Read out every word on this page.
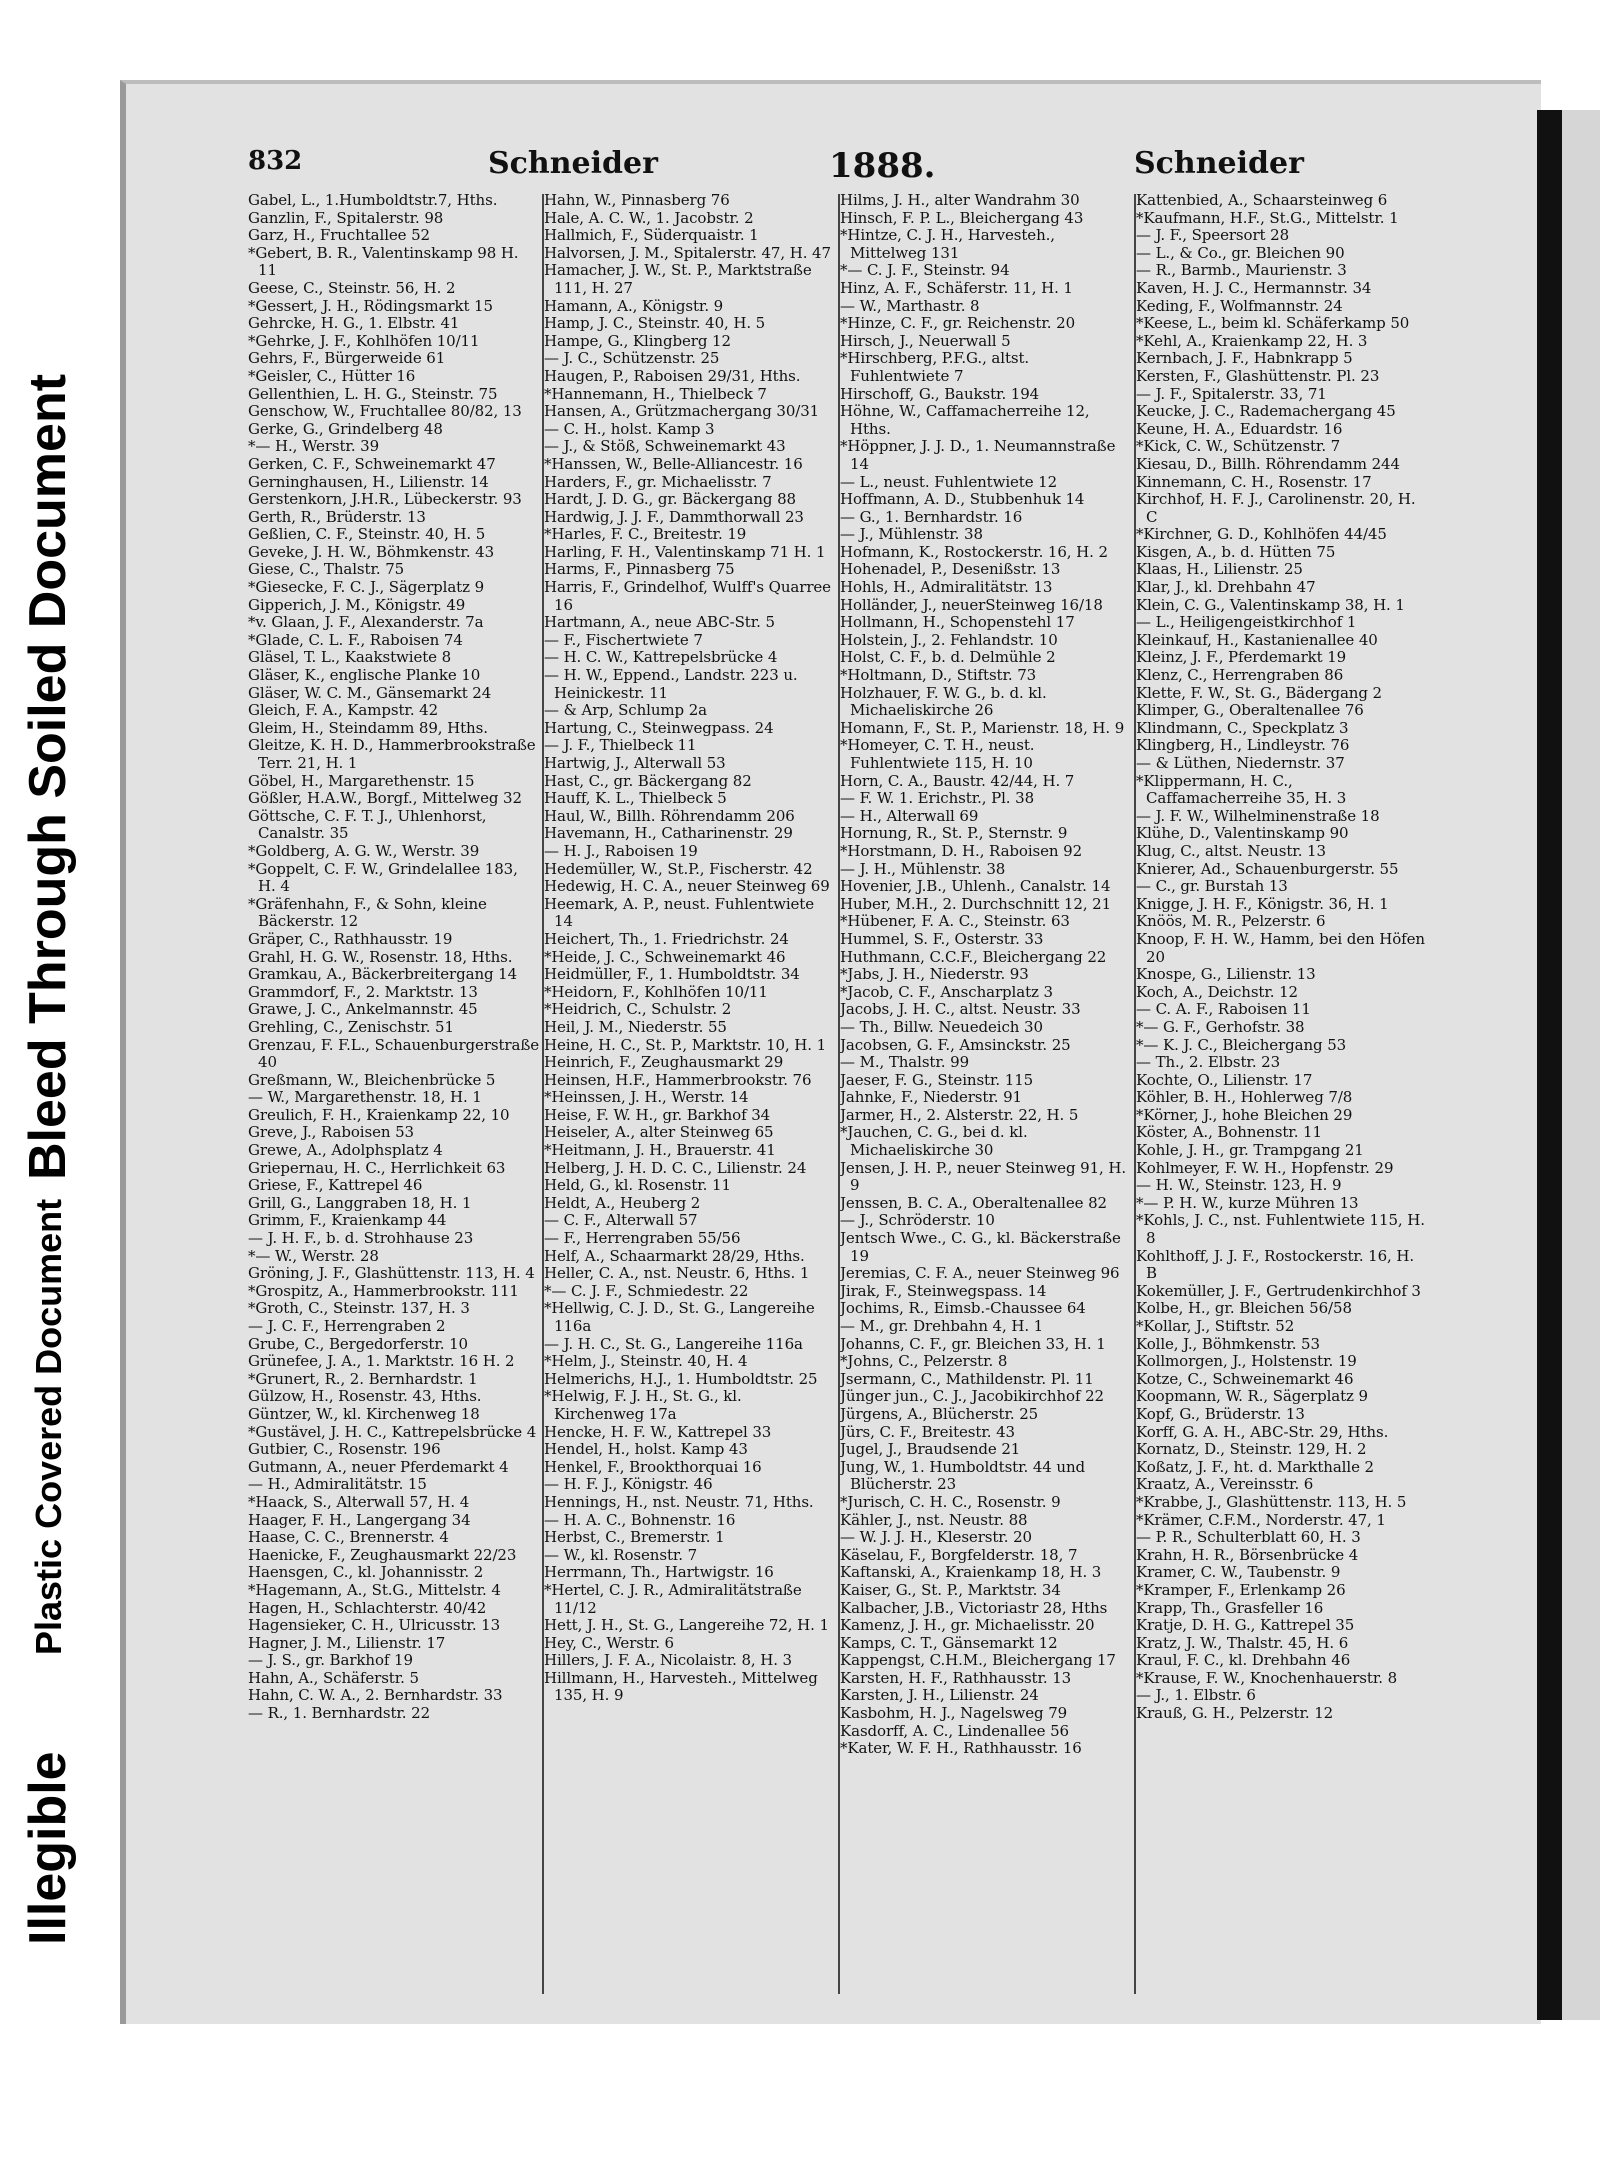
Illegible
Plastic Covered Document
Bleed Through Soiled Document
832	Schneider	1888.	Schneider

Gabel, L., 1.Humboldtstr.7, Hths.

Ganzlin, F., Spitalerstr. 98

Garz, H., Fruchtallee 52

*Gebert, B. R., Valentinskamp 98 H. 11

Geese, C., Steinstr. 56, H. 2

*Gessert, J. H., Rödingsmarkt 15

Gehrcke, H. G., 1. Elbstr. 41

*Gehrke, J. F., Kohlhöfen 10/11

Gehrs, F., Bürgerweide 61

*Geisler, C., Hütter 16

Gellenthien, L. H. G., Steinstr. 75

Genschow, W., Fruchtallee 80/82, 13

Gerke, G., Grindelberg 48

*— H., Werstr. 39

Gerken, C. F., Schweinemarkt 47

Gerninghausen, H., Lilienstr. 14

Gerstenkorn, J.H.R., Lübeckerstr. 93

Gerth, R., Brüderstr. 13

Geßlien, C. F., Steinstr. 40, H. 5

Geveke, J. H. W., Böhmkenstr. 43

Giese, C., Thalstr. 75

*Giesecke, F. C. J., Sägerplatz 9

Gipperich, J. M., Königstr. 49

*v. Glaan, J. F., Alexanderstr. 7a

*Glade, C. L. F., Raboisen 74

Gläsel, T. L., Kaakstwiete 8

Gläser, K., englische Planke 10

Gläser, W. C. M., Gänsemarkt 24

Gleich, F. A., Kampstr. 42

Gleim, H., Steindamm 89, Hths.

Gleitze, K. H. D., Hammerbrookstraße Terr. 21, H. 1

Göbel, H., Margarethenstr. 15

Gößler, H.A.W., Borgf., Mittelweg 32

Göttsche, C. F. T. J., Uhlenhorst, Canalstr. 35

*Goldberg, A. G. W., Werstr. 39

*Goppelt, C. F. W., Grindelallee 183, H. 4

*Gräfenhahn, F., & Sohn, kleine Bäckerstr. 12

Gräper, C., Rathhausstr. 19

Grahl, H. G. W., Rosenstr. 18, Hths.

Gramkau, A., Bäckerbreitergang 14

Grammdorf, F., 2. Marktstr. 13

Grawe, J. C., Ankelmannstr. 45

Grehling, C., Zenischstr. 51

Grenzau, F. F.L., Schauenburgerstraße 40

Greßmann, W., Bleichenbrücke 5

— W., Margarethenstr. 18, H. 1

Greulich, F. H., Kraienkamp 22, 10

Greve, J., Raboisen 53

Grewe, A., Adolphsplatz 4

Griepernau, H. C., Herrlichkeit 63

Griese, F., Kattrepel 46

Grill, G., Langgraben 18, H. 1

Grimm, F., Kraienkamp 44

— J. H. F., b. d. Strohhause 23

*— W., Werstr. 28

Gröning, J. F., Glashüttenstr. 113, H. 4

*Grospitz, A., Hammerbrookstr. 111

*Groth, C., Steinstr. 137, H. 3

— J. C. F., Herrengraben 2

Grube, C., Bergedorferstr. 10

Grünefee, J. A., 1. Marktstr. 16 H. 2

*Grunert, R., 2. Bernhardstr. 1

Gülzow, H., Rosenstr. 43, Hths.

Güntzer, W., kl. Kirchenweg 18

*Gustävel, J. H. C., Kattrepelsbrücke 4

Gutbier, C., Rosenstr. 196

Gutmann, A., neuer Pferdemarkt 4

— H., Admiralitätstr. 15

*Haack, S., Alterwall 57, H. 4

Haager, F. H., Langergang 34

Haase, C. C., Brennerstr. 4

Haenicke, F., Zeughausmarkt 22/23

Haensgen, C., kl. Johannisstr. 2

*Hagemann, A., St.G., Mittelstr. 4

Hagen, H., Schlachterstr. 40/42

Hagensieker, C. H., Ulricusstr. 13

Hagner, J. M., Lilienstr. 17

— J. S., gr. Barkhof 19

Hahn, A., Schäferstr. 5

Hahn, C. W. A., 2. Bernhardstr. 33

— R., 1. Bernhardstr. 22

Hahn, W., Pinnasberg 76

Hale, A. C. W., 1. Jacobstr. 2

Hallmich, F., Süderquaistr. 1

Halvorsen, J. M., Spitalerstr. 47, H. 47

Hamacher, J. W., St. P., Marktstraße 111, H. 27

Hamann, A., Königstr. 9

Hamp, J. C., Steinstr. 40, H. 5

Hampe, G., Klingberg 12

— J. C., Schützenstr. 25

Haugen, P., Raboisen 29/31, Hths.

*Hannemann, H., Thielbeck 7

Hansen, A., Grützmachergang 30/31

— C. H., holst. Kamp 3

— J., & Stöß, Schweinemarkt 43

*Hanssen, W., Belle-Alliancestr. 16

Harders, F., gr. Michaelisstr. 7

Hardt, J. D. G., gr. Bäckergang 88

Hardwig, J. J. F., Dammthorwall 23

*Harles, F. C., Breitestr. 19

Harling, F. H., Valentinskamp 71 H. 1

Harms, F., Pinnasberg 75

Harris, F., Grindelhof, Wulff's Quarree 16

Hartmann, A., neue ABC-Str. 5

— F., Fischertwiete 7

— H. C. W., Kattrepelsbrücke 4

— H. W., Eppend., Landstr. 223 u. Heinickestr. 11

— & Arp, Schlump 2a

Hartung, C., Steinwegpass. 24

— J. F., Thielbeck 11

Hartwig, J., Alterwall 53

Hast, C., gr. Bäckergang 82

Hauff, K. L., Thielbeck 5

Haul, W., Billh. Röhrendamm 206

Havemann, H., Catharinenstr. 29

— H. J., Raboisen 19

Hedemüller, W., St.P., Fischerstr. 42

Hedewig, H. C. A., neuer Steinweg 69

Heemark, A. P., neust. Fuhlentwiete 14

Heichert, Th., 1. Friedrichstr. 24

*Heide, J. C., Schweinemarkt 46

Heidmüller, F., 1. Humboldtstr. 34

*Heidorn, F., Kohlhöfen 10/11

*Heidrich, C., Schulstr. 2

Heil, J. M., Niederstr. 55

Heine, H. C., St. P., Marktstr. 10, H. 1

Heinrich, F., Zeughausmarkt 29

Heinsen, H.F., Hammerbrookstr. 76

*Heinssen, J. H., Werstr. 14

Heise, F. W. H., gr. Barkhof 34

Heiseler, A., alter Steinweg 65

*Heitmann, J. H., Brauerstr. 41

Helberg, J. H. D. C. C., Lilienstr. 24

Held, G., kl. Rosenstr. 11

Heldt, A., Heuberg 2

— C. F., Alterwall 57

— F., Herrengraben 55/56

Helf, A., Schaarmarkt 28/29, Hths.

Heller, C. A., nst. Neustr. 6, Hths. 1

*— C. J. F., Schmiedestr. 22

*Hellwig, C. J. D., St. G., Langereihe 116a

— J. H. C., St. G., Langereihe 116a

*Helm, J., Steinstr. 40, H. 4

Helmerichs, H.J., 1. Humboldtstr. 25

*Helwig, F. J. H., St. G., kl. Kirchenweg 17a

Hencke, H. F. W., Kattrepel 33

Hendel, H., holst. Kamp 43

Henkel, F., Brookthorquai 16

— H. F. J., Königstr. 46

Hennings, H., nst. Neustr. 71, Hths.

— H. A. C., Bohnenstr. 16

Herbst, C., Bremerstr. 1

— W., kl. Rosenstr. 7

Herrmann, Th., Hartwigstr. 16

*Hertel, C. J. R., Admiralitätstraße 11/12

Hett, J. H., St. G., Langereihe 72, H. 1

Hey, C., Werstr. 6

Hillers, J. F. A., Nicolaistr. 8, H. 3

Hillmann, H., Harvesteh., Mittelweg 135, H. 9

Hilms, J. H., alter Wandrahm 30

Hinsch, F. P. L., Bleichergang 43

*Hintze, C. J. H., Harvesteh., Mittelweg 131

*— C. J. F., Steinstr. 94

Hinz, A. F., Schäferstr. 11, H. 1

— W., Marthastr. 8

*Hinze, C. F., gr. Reichenstr. 20

Hirsch, J., Neuerwall 5

*Hirschberg, P.F.G., altst. Fuhlentwiete 7

Hirschoff, G., Baukstr. 194

Höhne, W., Caffamacherreihe 12, Hths.

*Höppner, J. J. D., 1. Neumannstraße 14

— L., neust. Fuhlentwiete 12

Hoffmann, A. D., Stubbenhuk 14

— G., 1. Bernhardstr. 16

— J., Mühlenstr. 38

Hofmann, K., Rostockerstr. 16, H. 2

Hohenadel, P., Desenißstr. 13

Hohls, H., Admiralitätstr. 13

Holländer, J., neuerSteinweg 16/18

Hollmann, H., Schopenstehl 17

Holstein, J., 2. Fehlandstr. 10

Holst, C. F., b. d. Delmühle 2

*Holtmann, D., Stiftstr. 73

Holzhauer, F. W. G., b. d. kl. Michaeliskirche 26

Homann, F., St. P., Marienstr. 18, H. 9

*Homeyer, C. T. H., neust. Fuhlentwiete 115, H. 10

Horn, C. A., Baustr. 42/44, H. 7

— F. W. 1. Erichstr., Pl. 38

— H., Alterwall 69

Hornung, R., St. P., Sternstr. 9

*Horstmann, D. H., Raboisen 92

— J. H., Mühlenstr. 38

Hovenier, J.B., Uhlenh., Canalstr. 14

Huber, M.H., 2. Durchschnitt 12, 21

*Hübener, F. A. C., Steinstr. 63

Hummel, S. F., Osterstr. 33

Huthmann, C.C.F., Bleichergang 22

*Jabs, J. H., Niederstr. 93

*Jacob, C. F., Anscharplatz 3

Jacobs, J. H. C., altst. Neustr. 33

— Th., Billw. Neuedeich 30

Jacobsen, G. F., Amsinckstr. 25

— M., Thalstr. 99

Jaeser, F. G., Steinstr. 115

Jahnke, F., Niederstr. 91

Jarmer, H., 2. Alsterstr. 22, H. 5

*Jauchen, C. G., bei d. kl. Michaeliskirche 30

Jensen, J. H. P., neuer Steinweg 91, H. 9

Jenssen, B. C. A., Oberaltenallee 82

— J., Schröderstr. 10

Jentsch Wwe., C. G., kl. Bäckerstraße 19

Jeremias, C. F. A., neuer Steinweg 96

Jirak, F., Steinwegspass. 14

Jochims, R., Eimsb.-Chaussee 64

— M., gr. Drehbahn 4, H. 1

Johanns, C. F., gr. Bleichen 33, H. 1

*Johns, C., Pelzerstr. 8

Jsermann, C., Mathildenstr. Pl. 11

Jünger jun., C. J., Jacobikirchhof 22

Jürgens, A., Blücherstr. 25

Jürs, C. F., Breitestr. 43

Jugel, J., Braudsende 21

Jung, W., 1. Humboldtstr. 44 und Blücherstr. 23

*Jurisch, C. H. C., Rosenstr. 9

Kähler, J., nst. Neustr. 88

— W. J. J. H., Kleserstr. 20

Käselau, F., Borgfelderstr. 18, 7

Kaftanski, A., Kraienkamp 18, H. 3

Kaiser, G., St. P., Marktstr. 34

Kalbacher, J.B., Victoriastr 28, Hths

Kamenz, J. H., gr. Michaelisstr. 20

Kamps, C. T., Gänsemarkt 12

Kappengst, C.H.M., Bleichergang 17

Karsten, H. F., Rathhausstr. 13

Karsten, J. H., Lilienstr. 24

Kasbohm, H. J., Nagelsweg 79

Kasdorff, A. C., Lindenallee 56

*Kater, W. F. H., Rathhausstr. 16

Kattenbied, A., Schaarsteinweg 6

*Kaufmann, H.F., St.G., Mittelstr. 1

— J. F., Speersort 28

— L., & Co., gr. Bleichen 90

— R., Barmb., Maurienstr. 3

Kaven, H. J. C., Hermannstr. 34

Keding, F., Wolfmannstr. 24

*Keese, L., beim kl. Schäferkamp 50

*Kehl, A., Kraienkamp 22, H. 3

Kernbach, J. F., Habnkrapp 5

Kersten, F., Glashüttenstr. Pl. 23

— J. F., Spitalerstr. 33, 71

Keucke, J. C., Rademachergang 45

Keune, H. A., Eduardstr. 16

*Kick, C. W., Schützenstr. 7

Kiesau, D., Billh. Röhrendamm 244

Kinnemann, C. H., Rosenstr. 17

Kirchhof, H. F. J., Carolinenstr. 20, H. C

*Kirchner, G. D., Kohlhöfen 44/45

Kisgen, A., b. d. Hütten 75

Klaas, H., Lilienstr. 25

Klar, J., kl. Drehbahn 47

Klein, C. G., Valentinskamp 38, H. 1

— L., Heiligengeistkirchhof 1

Kleinkauf, H., Kastanienallee 40

Kleinz, J. F., Pferdemarkt 19

Klenz, C., Herrengraben 86

Klette, F. W., St. G., Bädergang 2

Klimper, G., Oberaltenallee 76

Klindmann, C., Speckplatz 3

Klingberg, H., Lindleystr. 76

— & Lüthen, Niedernstr. 37

*Klippermann, H. C., Caffamacherreihe 35, H. 3

— J. F. W., Wilhelminenstraße 18

Klühe, D., Valentinskamp 90

Klug, C., altst. Neustr. 13

Knierer, Ad., Schauenburgerstr. 55

— C., gr. Burstah 13

Knigge, J. H. F., Königstr. 36, H. 1

Knöös, M. R., Pelzerstr. 6

Knoop, F. H. W., Hamm, bei den Höfen 20

Knospe, G., Lilienstr. 13

Koch, A., Deichstr. 12

— C. A. F., Raboisen 11

*— G. F., Gerhofstr. 38

*— K. J. C., Bleichergang 53

— Th., 2. Elbstr. 23

Kochte, O., Lilienstr. 17

Köhler, B. H., Hohlerweg 7/8

*Körner, J., hohe Bleichen 29

Köster, A., Bohnenstr. 11

Kohle, J. H., gr. Trampgang 21

Kohlmeyer, F. W. H., Hopfenstr. 29

— H. W., Steinstr. 123, H. 9

*— P. H. W., kurze Mühren 13

*Kohls, J. C., nst. Fuhlentwiete 115, H. 8

Kohlthoff, J. J. F., Rostockerstr. 16, H. B

Kokemüller, J. F., Gertrudenkirchhof 3

Kolbe, H., gr. Bleichen 56/58

*Kollar, J., Stiftstr. 52

Kolle, J., Böhmkenstr. 53

Kollmorgen, J., Holstenstr. 19

Kotze, C., Schweinemarkt 46

Koopmann, W. R., Sägerplatz 9

Kopf, G., Brüderstr. 13

Korff, G. A. H., ABC-Str. 29, Hths.

Kornatz, D., Steinstr. 129, H. 2

Koßatz, J. F., ht. d. Markthalle 2

Kraatz, A., Vereinsstr. 6

*Krabbe, J., Glashüttenstr. 113, H. 5

*Krämer, C.F.M., Norderstr. 47, 1

— P. R., Schulterblatt 60, H. 3

Krahn, H. R., Börsenbrücke 4

Kramer, C. W., Taubenstr. 9

*Kramper, F., Erlenkamp 26

Krapp, Th., Grasfeller 16

Kratje, D. H. G., Kattrepel 35

Kratz, J. W., Thalstr. 45, H. 6

Kraul, F. C., kl. Drehbahn 46

*Krause, F. W., Knochenhauerstr. 8

— J., 1. Elbstr. 6

Krauß, G. H., Pelzerstr. 12
